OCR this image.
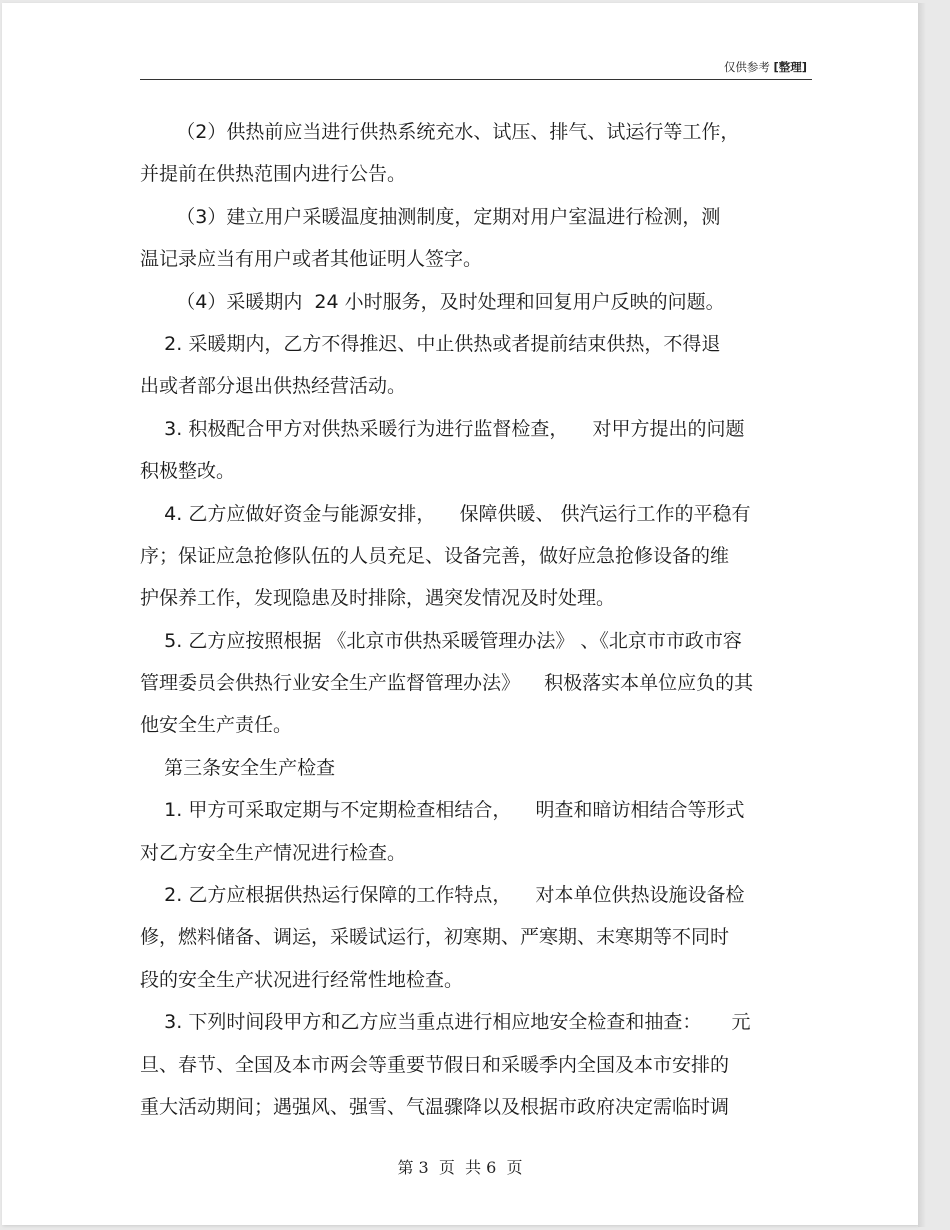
仅供参考 [整理]
（2）供热前应当进行供热系统充水、试压、排气、试运行等工作，
并提前在供热范围内进行公告。
（3）建立用户采暖温度抽测制度，定期对用户室温进行检测，测
温记录应当有用户或者其他证明人签字。
（4）采暖期内  24 小时服务，及时处理和回复用户反映的问题。
2. 采暖期内，乙方不得推迟、中止供热或者提前结束供热，不得退
出或者部分退出供热经营活动。
3. 积极配合甲方对供热采暖行为进行监督检查，    对甲方提出的问题
积极整改。
4. 乙方应做好资金与能源安排，    保障供暖、 供汽运行工作的平稳有
序；保证应急抢修队伍的人员充足、设备完善，做好应急抢修设备的维
护保养工作，发现隐患及时排除，遇突发情况及时处理。
5. 乙方应按照根据 《北京市供热采暖管理办法》 、《北京市市政市容
管理委员会供热行业安全生产监督管理办法》    积极落实本单位应负的其
他安全生产责任。
第三条安全生产检查
1. 甲方可采取定期与不定期检查相结合，    明查和暗访相结合等形式
对乙方安全生产情况进行检查。
2. 乙方应根据供热运行保障的工作特点，    对本单位供热设施设备检
修，燃料储备、调运，采暖试运行，初寒期、严寒期、末寒期等不同时
段的安全生产状况进行经常性地检查。
3. 下列时间段甲方和乙方应当重点进行相应地安全检查和抽查：     元
旦、春节、全国及本市两会等重要节假日和采暖季内全国及本市安排的
重大活动期间；遇强风、强雪、气温骤降以及根据市政府决定需临时调
第 3  页  共 6  页
